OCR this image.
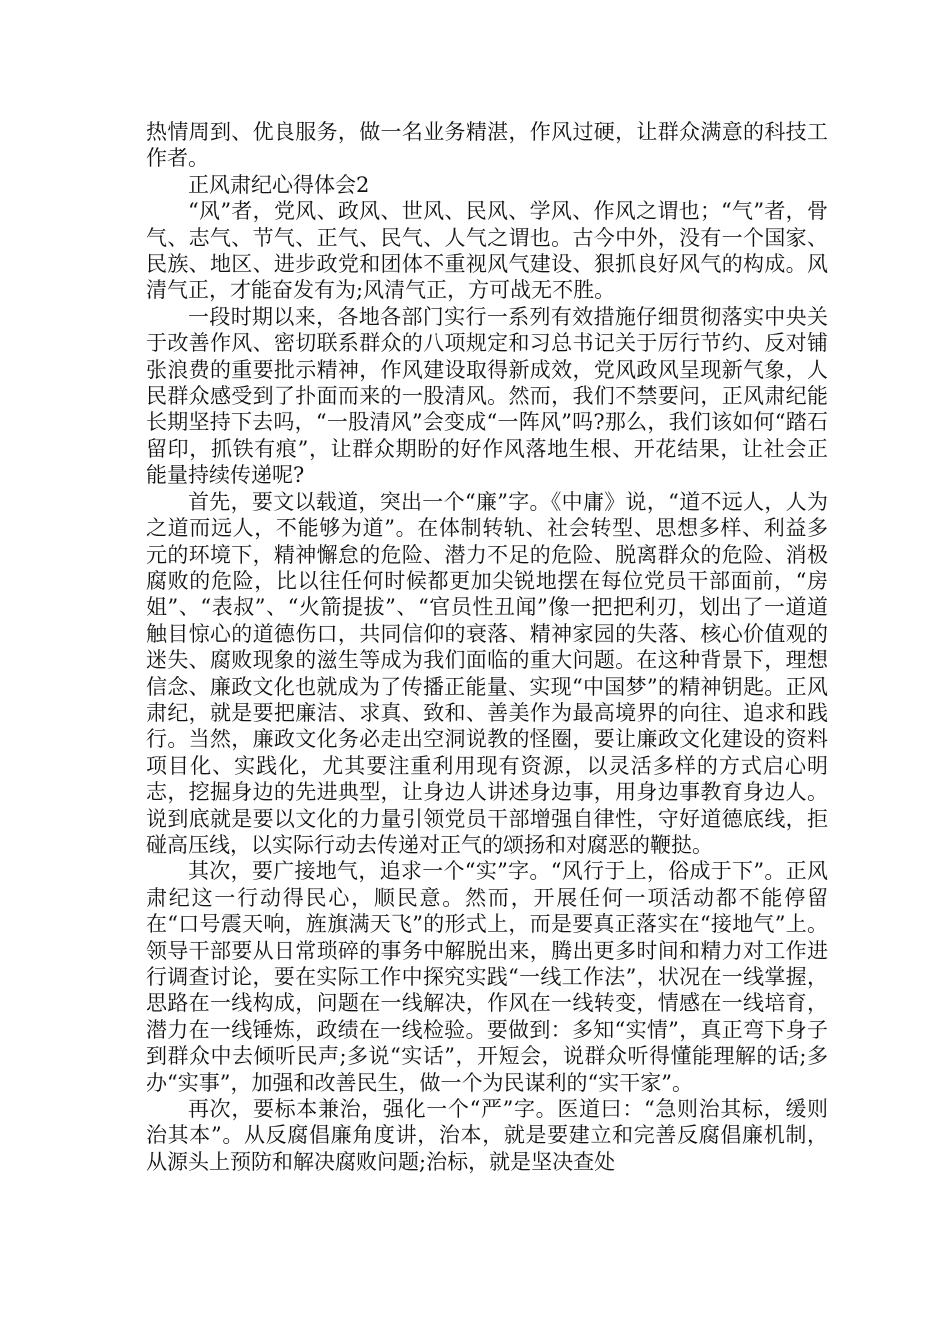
热情周到、优良服务，做一名业务精湛，作风过硬，让群众满意的科技工作者。

正风肃纪心得体会2

“风”者，党风、政风、世风、民风、学风、作风之谓也；“气”者，骨气、志气、节气、正气、民气、人气之谓也。古今中外，没有一个国家、民族、地区、进步政党和团体不重视风气建设、狠抓良好风气的构成。风清气正，才能奋发有为;风清气正，方可战无不胜。

一段时期以来，各地各部门实行一系列有效措施仔细贯彻落实中央关于改善作风、密切联系群众的八项规定和习总书记关于厉行节约、反对铺张浪费的重要批示精神，作风建设取得新成效，党风政风呈现新气象，人民群众感受到了扑面而来的一股清风。然而，我们不禁要问，正风肃纪能长期坚持下去吗，“一股清风”会变成“一阵风”吗?那么，我们该如何“踏石留印，抓铁有痕”，让群众期盼的好作风落地生根、开花结果，让社会正能量持续传递呢?

首先，要文以载道，突出一个“廉”字。《中庸》说，“道不远人，人为之道而远人，不能够为道”。在体制转轨、社会转型、思想多样、利益多元的环境下，精神懈怠的危险、潜力不足的危险、脱离群众的危险、消极腐败的危险，比以往任何时候都更加尖锐地摆在每位党员干部面前，“房姐”、“表叔”、“火箭提拔”、“官员性丑闻”像一把把利刃，划出了一道道触目惊心的道德伤口，共同信仰的衰落、精神家园的失落、核心价值观的迷失、腐败现象的滋生等成为我们面临的重大问题。在这种背景下，理想信念、廉政文化也就成为了传播正能量、实现“中国梦”的精神钥匙。正风肃纪，就是要把廉洁、求真、致和、善美作为最高境界的向往、追求和践行。当然，廉政文化务必走出空洞说教的怪圈，要让廉政文化建设的资料项目化、实践化，尤其要注重利用现有资源，以灵活多样的方式启心明志，挖掘身边的先进典型，让身边人讲述身边事，用身边事教育身边人。说到底就是要以文化的力量引领党员干部增强自律性，守好道德底线，拒碰高压线，以实际行动去传递对正气的颂扬和对腐恶的鞭挞。

其次，要广接地气，追求一个“实”字。“风行于上，俗成于下”。正风肃纪这一行动得民心，顺民意。然而，开展任何一项活动都不能停留在“口号震天响，旌旗满天飞”的形式上，而是要真正落实在“接地气”上。领导干部要从日常琐碎的事务中解脱出来，腾出更多时间和精力对工作进行调查讨论，要在实际工作中探究实践“一线工作法”，状况在一线掌握，思路在一线构成，问题在一线解决，作风在一线转变，情感在一线培育，潜力在一线锤炼，政绩在一线检验。要做到：多知“实情”，真正弯下身子到群众中去倾听民声;多说“实话”，开短会，说群众听得懂能理解的话;多办“实事”，加强和改善民生，做一个为民谋利的“实干家”。

再次，要标本兼治，强化一个“严”字。医道曰：“急则治其标，缓则治其本”。从反腐倡廉角度讲，治本，就是要建立和完善反腐倡廉机制，从源头上预防和解决腐败问题;治标，就是坚决查处
